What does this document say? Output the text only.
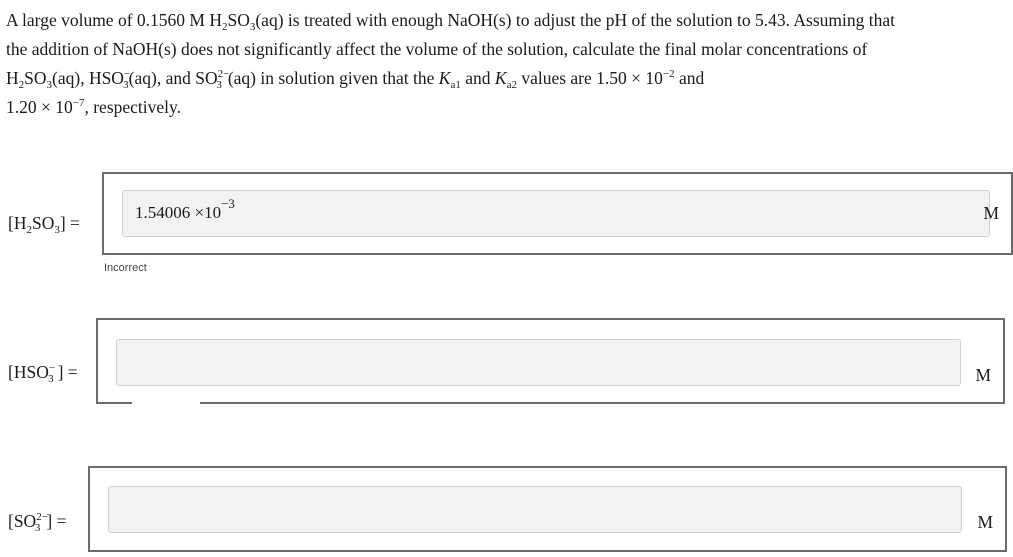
A large volume of 0.1560 M $H_2SO_3(aq)$ is treated with enough NaOH(s) to adjust the pH of the solution to 5.43. Assuming that
the addition of NaOH(s) does not significantly affect the volume of the solution, calculate the final molar concentrations of
$H_2SO_3(aq)$, $HSO^-_3(aq)$, and $SO^{2-}_3$ (aq) in solution given that the $K_{a1}$ and $K_{a2}$ values are $1.50 \times 10^{-2}$ and
$1.20 \times 10^{-7}$, respectively.
$[H_2SO_3]$ =
$1.54006 \times 10^{-3}$	M
Incorrect
[$HSO^-_3$ ] =	M
[$SO^{2-}_3$ ] =	M
